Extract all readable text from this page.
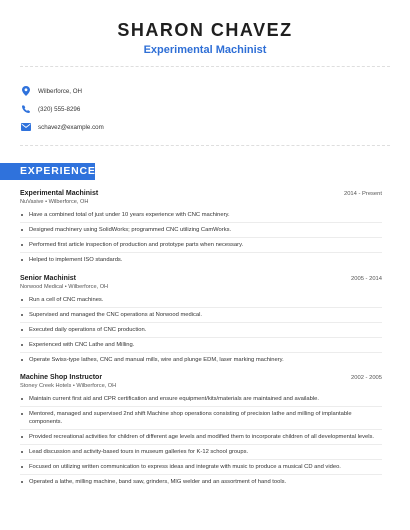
SHARON CHAVEZ
Experimental Machinist
Wilberforce, OH
(320) 555-8296
schavez@example.com
EXPERIENCE
Experimental Machinist	2014 - Present
NuVasive • Wilberforce, OH
Have a combined total of just under 10 years experience with CNC machinery.
Designed machinery using SolidWorks; programmed CNC utilizing CamWorks.
Performed first article inspection of production and prototype parts when necessary.
Helped to implement ISO standards.
Senior Machinist	2005 - 2014
Norwood Medical • Wilberforce, OH
Run a cell of CNC machines.
Supervised and managed the CNC operations at Norwood medical.
Executed daily operations of CNC production.
Experienced with CNC Lathe and Milling.
Operate Swiss-type lathes, CNC and manual mills, wire and plunge EDM, laser marking machinery.
Machine Shop Instructor	2002 - 2005
Stoney Creek Hotels • Wilberforce, OH
Maintain current first aid and CPR certification and ensure equipment/kits/materials are maintained and available.
Mentored, managed and supervised 2nd shift Machine shop operations consisting of precision lathe and milling of implantable components.
Provided recreational activities for children of different age levels and modified them to incorporate children of all developmental levels.
Lead discussion and activity-based tours in museum galleries for K-12 school groups.
Focused on utilizing written communication to express ideas and integrate with music to produce a musical CD and video.
Operated a lathe, milling machine, band saw, grinders, MIG welder and an assortment of hand tools.
